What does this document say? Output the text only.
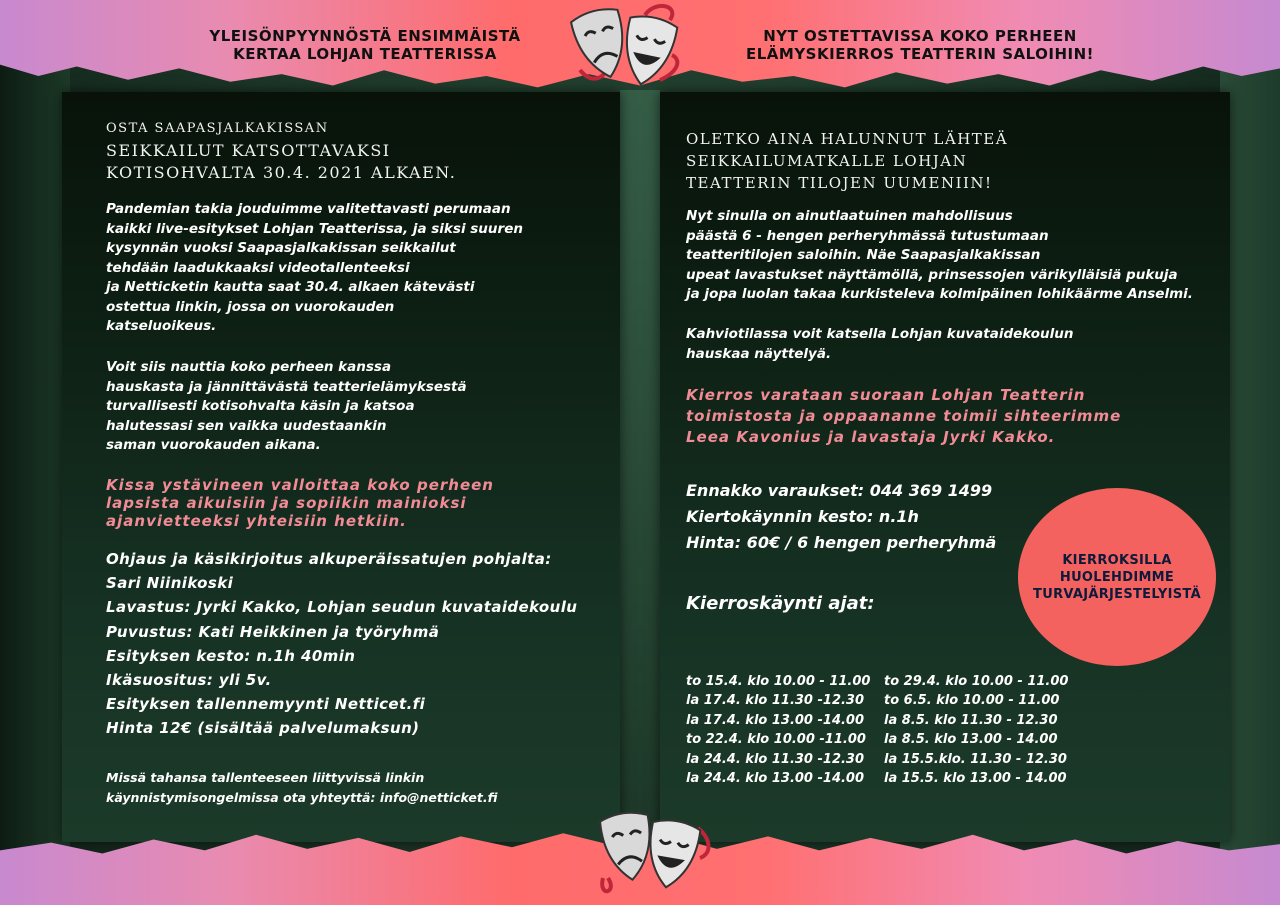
YLEISÖNPYYNNÖSTÄ ENSIMMÄISTÄ
KERTAA LOHJAN TEATTERISSA
NYT OSTETTAVISSA KOKO PERHEEN
ELÄMYSKIERROS TEATTERIN SALOIHIN!
OSTA SAAPASJALKAKISSAN
SEIKKAILUT KATSOTTAVAKSI
KOTISOHVALTA 30.4. 2021 ALKAEN.
Pandemian takia jouduimme valitettavasti perumaan
kaikki live-esitykset Lohjan Teatterissa, ja siksi suuren
kysynnän vuoksi Saapasjalkakissan seikkailut
tehdään laadukkaaksi videotallenteeksi
ja Netticketin kautta saat 30.4. alkaen kätevästi
ostettua linkin, jossa on vuorokauden
katseluoikeus.
Voit siis nauttia koko perheen kanssa
hauskasta ja jännittävästä teatterielämyksestä
turvallisesti kotisohvalta käsin ja katsoa
halutessasi sen vaikka uudestaankin
saman vuorokauden aikana.
Kissa ystävineen valloittaa koko perheen
lapsista aikuisiin ja sopiikin mainioksi
ajanvietteeksi yhteisiin hetkiin.
Ohjaus ja käsikirjoitus alkuperäissatujen pohjalta:
Sari Niinikoski
Lavastus: Jyrki Kakko, Lohjan seudun kuvataidekoulu
Puvustus: Kati Heikkinen ja työryhmä
Esityksen kesto: n.1h 40min
Ikäsuositus: yli 5v.
Esityksen tallennemyynti Netticet.fi
Hinta 12€ (sisältää palvelumaksun)
Missä tahansa tallenteeseen liittyvissä linkin
käynnistymisongelmissa ota yhteyttä: info@netticket.fi
OLETKO AINA HALUNNUT LÄHTEÄ
SEIKKAILUMATKALLE LOHJAN
TEATTERIN TILOJEN UUMENIIN!
Nyt sinulla on ainutlaatuinen mahdollisuus
päästä 6 - hengen perheryhmässä tutustumaan
teatteritilojen saloihin. Näe Saapasjalkakissan
upeat lavastukset näyttämöllä, prinsessojen värikylläisiä pukuja
ja jopa luolan takaa kurkisteleva kolmipäinen lohikäärme Anselmi.
Kahviotilassa voit katsella Lohjan kuvataidekoulun
hauskaa näyttelyä.
Kierros varataan suoraan Lohjan Teatterin
toimistosta ja oppaananne toimii sihteerimme
Leea Kavonius ja lavastaja Jyrki Kakko.
Ennakko varaukset: 044 369 1499
Kiertokäynnin kesto: n.1h
Hinta: 60€ / 6 hengen perheryhmä
Kierroskäynti ajat:
to 15.4. klo 10.00 - 11.00
la 17.4. klo 11.30 -12.30
la 17.4. klo 13.00 -14.00
to 22.4. klo 10.00 -11.00
la 24.4. klo 11.30 -12.30
la 24.4. klo 13.00 -14.00
to 29.4. klo 10.00 - 11.00
to 6.5. klo 10.00 - 11.00
la 8.5. klo 11.30 - 12.30
la 8.5. klo 13.00 - 14.00
la 15.5.klo. 11.30 - 12.30
la 15.5. klo 13.00 - 14.00
KIERROKSILLA
HUOLEHDIMME
TURVAJÄRJESTELYISTÄ
